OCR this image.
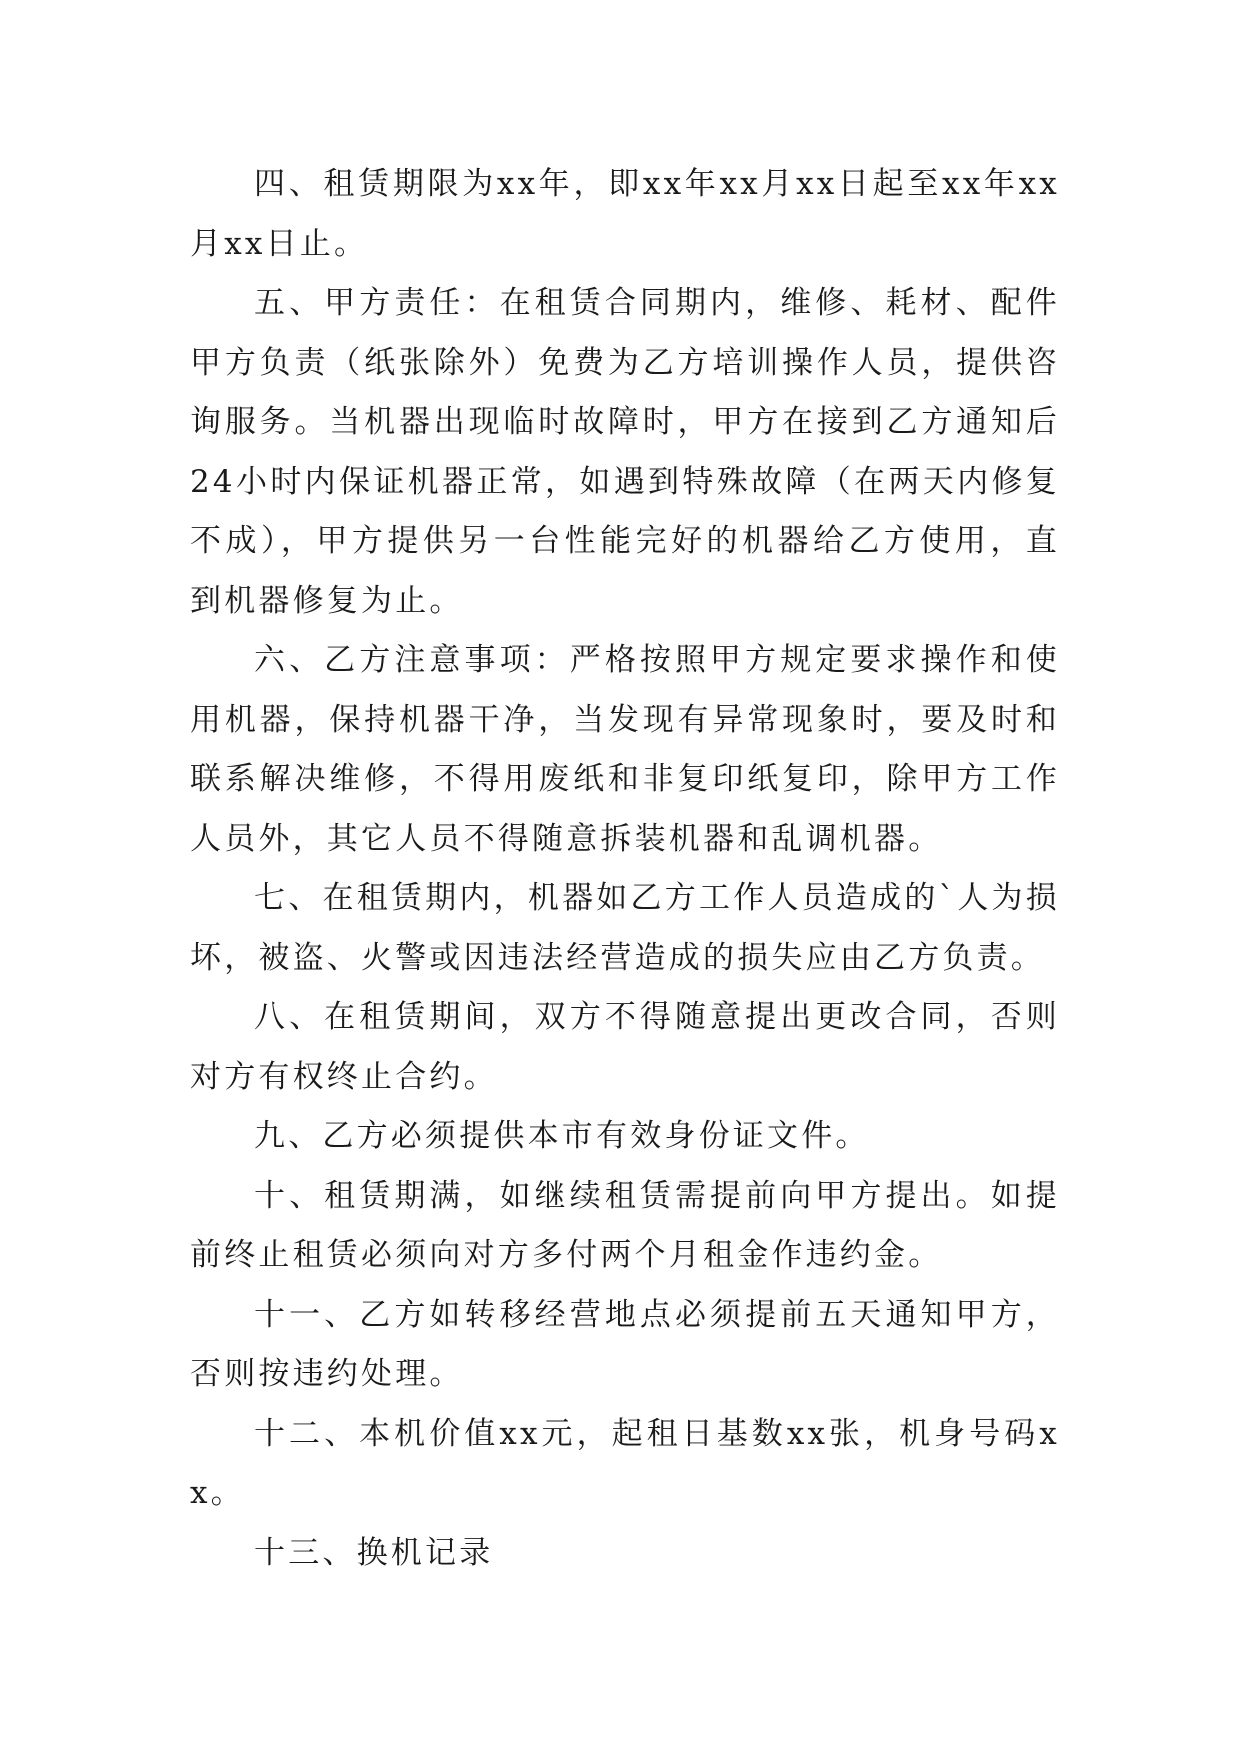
四、租赁期限为xx年，即xx年xx月xx日起至xx年xx月xx日止。

五、甲方责任：在租赁合同期内，维修、耗材、配件甲方负责（纸张除外）免费为乙方培训操作人员，提供咨询服务。当机器出现临时故障时，甲方在接到乙方通知后24小时内保证机器正常，如遇到特殊故障（在两天内修复不成），甲方提供另一台性能完好的机器给乙方使用，直到机器修复为止。

六、乙方注意事项：严格按照甲方规定要求操作和使用机器，保持机器干净，当发现有异常现象时，要及时和联系解决维修，不得用废纸和非复印纸复印，除甲方工作人员外，其它人员不得随意拆装机器和乱调机器。

七、在租赁期内，机器如乙方工作人员造成的`人为损坏，被盗、火警或因违法经营造成的损失应由乙方负责。

八、在租赁期间，双方不得随意提出更改合同，否则对方有权终止合约。

九、乙方必须提供本市有效身份证文件。

十、租赁期满，如继续租赁需提前向甲方提出。如提前终止租赁必须向对方多付两个月租金作违约金。

十一、乙方如转移经营地点必须提前五天通知甲方，否则按违约处理。

十二、本机价值xx元，起租日基数xx张，机身号码xx。

十三、换机记录
